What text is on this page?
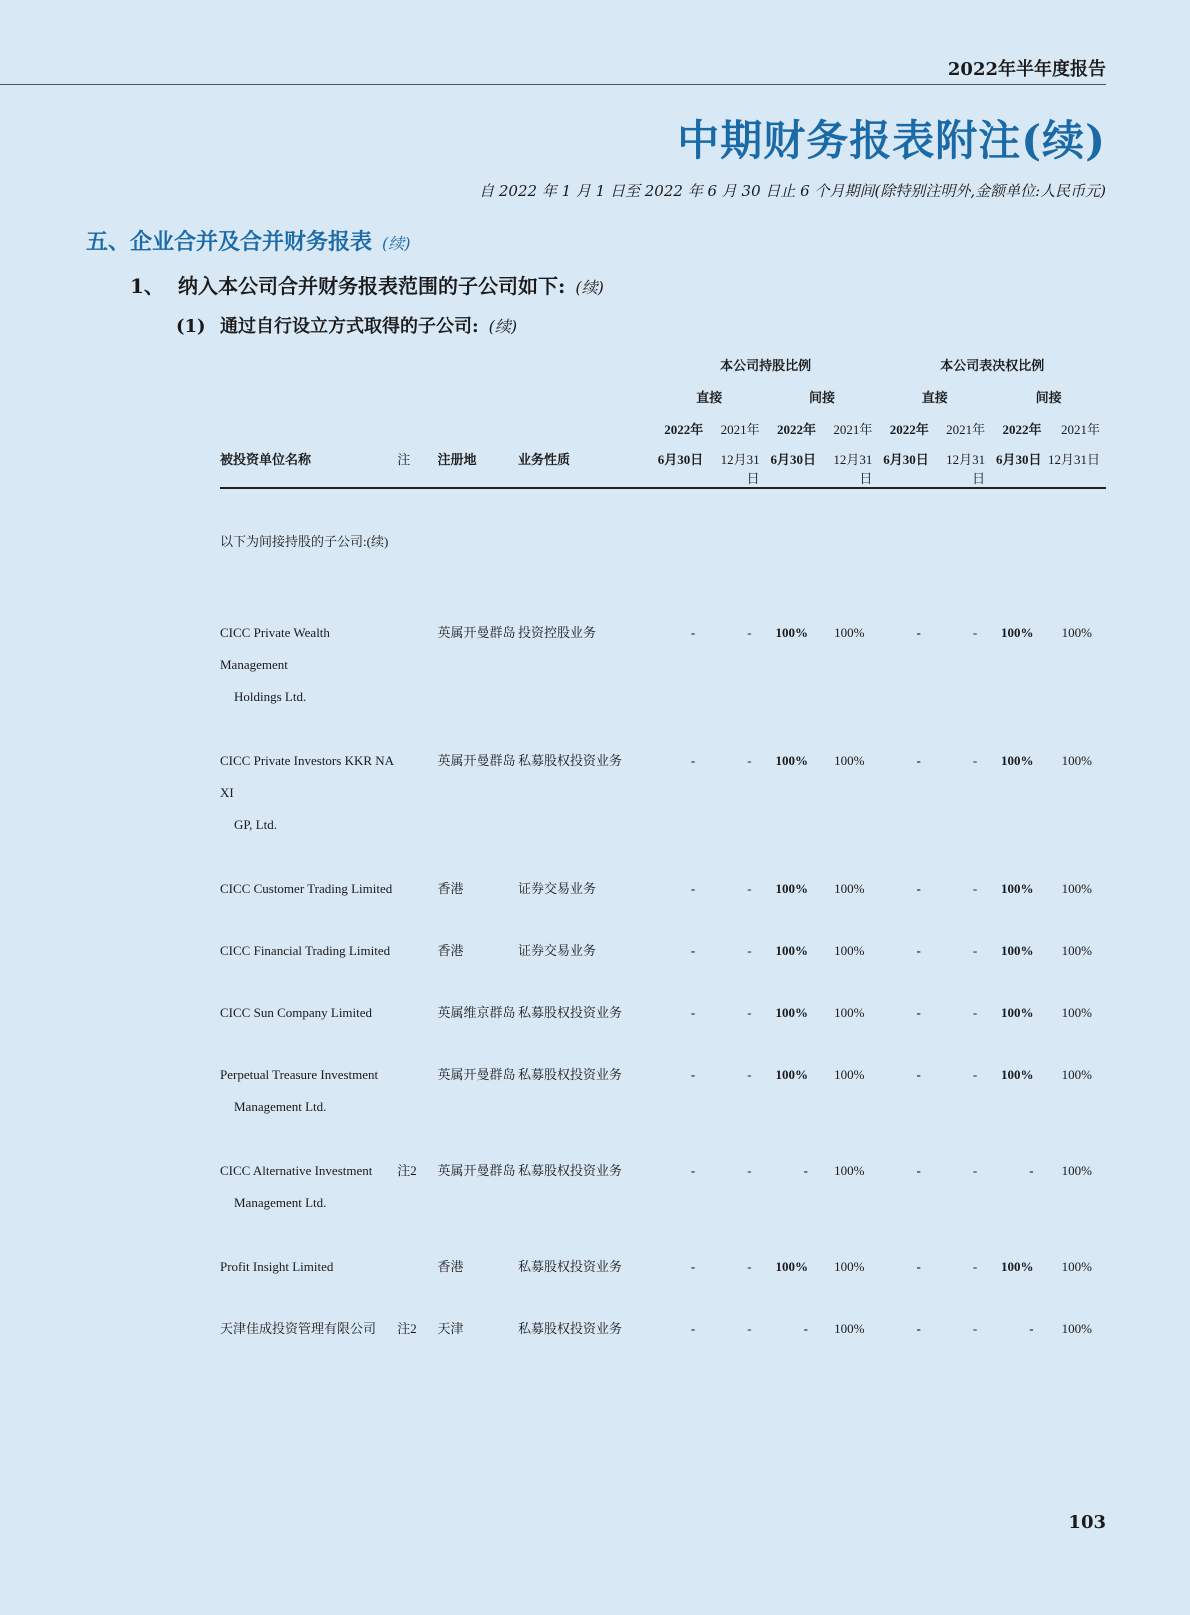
2022年半年度报告
中期财务报表附注(续)
自 2022 年 1 月 1 日至 2022 年 6 月 30 日止 6 个月期间(除特别注明外,金额单位:人民币元)
五、企业合并及合并财务报表 (续)
1、 纳入本公司合并财务报表范围的子公司如下: (续)
(1) 通过自行设立方式取得的子公司: (续)
				本公司持股比例				本公司表决权比例			
				直接		间接		直接		间接	
				2022年	2021年	2022年	2021年	2022年	2021年	2022年	2021年
被投资单位名称	注	注册地	业务性质	6月30日	12月31日	6月30日	12月31日	6月30日	12月31日	6月30日	12月31日

以下为间接持股的子公司:(续)											

CICC Private Wealth Management
Holdings Ltd.		英属开曼群岛	投资控股业务	-	-	100%	100%	-	-	100%	100%

CICC Private Investors KKR NA XI
GP, Ltd.		英属开曼群岛	私募股权投资业务	-	-	100%	100%	-	-	100%	100%

CICC Customer Trading Limited		香港	证券交易业务	-	-	100%	100%	-	-	100%	100%

CICC Financial Trading Limited		香港	证券交易业务	-	-	100%	100%	-	-	100%	100%

CICC Sun Company Limited		英属维京群岛	私募股权投资业务	-	-	100%	100%	-	-	100%	100%

Perpetual Treasure Investment
Management Ltd.		英属开曼群岛	私募股权投资业务	-	-	100%	100%	-	-	100%	100%

CICC Alternative Investment
Management Ltd.	注2	英属开曼群岛	私募股权投资业务	-	-	-	100%	-	-	-	100%

Profit Insight Limited		香港	私募股权投资业务	-	-	100%	100%	-	-	100%	100%

天津佳成投资管理有限公司	注2	天津	私募股权投资业务	-	-	-	100%	-	-	-	100%
103
